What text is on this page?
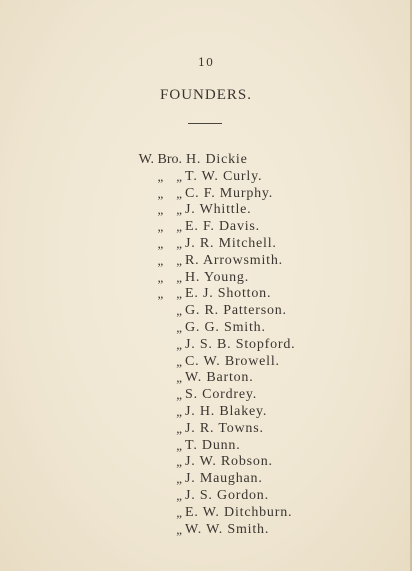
10
FOUNDERS.
W. Bro. H. Dickie
„    „ T. W. Curly.
„    „ C. F. Murphy.
„    „ J. Whittle.
„    „ E. F. Davis.
„    „ J. R. Mitchell.
„    „ R. Arrowsmith.
„    „ H. Young.
„    „ E. J. Shotton.
„ G. R. Patterson.
„ G. G. Smith.
„ J. S. B. Stopford.
„ C. W. Browell.
„ W. Barton.
„ S. Cordrey.
„ J. H. Blakey.
„ J. R. Towns.
„ T. Dunn.
„ J. W. Robson.
„ J. Maughan.
„ J. S. Gordon.
„ E. W. Ditchburn.
„ W. W. Smith.
